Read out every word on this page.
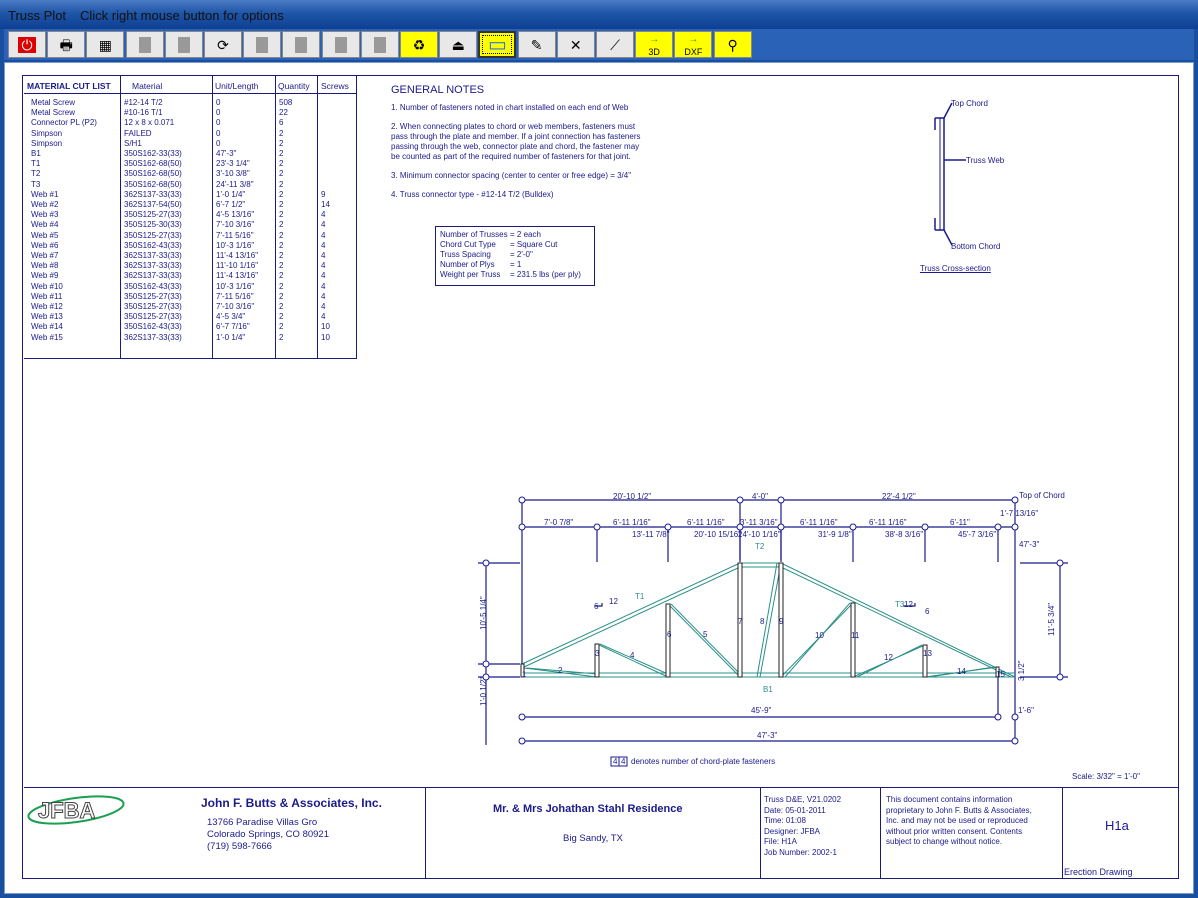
Truss Plot Click right mouse button for options
⏻ 🖶 ▦	⟳	♻ ⏏ ▭ ✎ ✕ ⟋	→
3D
→
DXF ⚲
MATERIAL CUT LIST	Material	Unit/Length Quantity Screws
Metal Screw	#12-14 T/2	0	508
Metal Screw	#10-16 T/1	0	22
Connector PL (P2)	12 x 8 x 0.071	0	6
Simpson	FAILED	0	2
Simpson	S/H1	0	2
B1	350S162-33(33)	47'-3"	2
T1	350S162-68(50)	23'-3 1/4"	2
T2	350S162-68(50)	3'-10 3/8"	2
T3	350S162-68(50)	24'-11 3/8"	2
Web #1	362S137-33(33)	1'-0 1/4"	2	9
Web #2	362S137-54(50)	6'-7 1/2"	2	14
Web #3	350S125-27(33)	4'-5 13/16"	2	4
Web #4	350S125-30(33)	7'-10 3/16"	2	4
Web #5	350S125-27(33)	7'-11 5/16"	2	4
Web #6	350S162-43(33)	10'-3 1/16"	2	4
Web #7	362S137-33(33)	11'-4 13/16"	2	4
Web #8	362S137-33(33)	11'-10 1/16"	2	4
Web #9	362S137-33(33)	11'-4 13/16"	2	4
Web #10	350S162-43(33)	10'-3 1/16"	2	4
Web #11	350S125-27(33)	7'-11 5/16"	2	4
Web #12	350S125-27(33)	7'-10 3/16"	2	4
Web #13	350S125-27(33)	4'-5 3/4"	2	4
Web #14	350S162-43(33)	6'-7 7/16"	2	10
Web #15	362S137-33(33)	1'-0 1/4"	2	10
GENERAL NOTES

1. Number of fasteners noted in chart installed on each end of Web

2. When connecting plates to chord or web members, fasteners must pass through the plate and member. If a joint connection has fasteners passing through the web, connector plate and chord, the fastener may be counted as part of the required number of fasteners for that joint.

3. Minimum connector spacing (center to center or free edge) = 3/4"

4. Truss connector type - #12-14 T/2 (Bulldex)

Number of Trusses = 2 each
Chord Cut Type = Square Cut
Truss Spacing = 2'-0"
Number of Plys = 1
Weight per Truss = 231.5 lbs (per ply)
Top Chord
Truss Web
Bottom Chord
Truss Cross-section
20'-10 1/2"	4'-0"	22'-4 1/2"	Top of Chord
1'-7 13/16"
7'-0 7/8"	6'-11 1/16"	6'-11 1/16" 3'-11 3/16"	6'-11 1/16"	6'-11 1/16"	6'-11"
13'-11 7/8"	20'-10 15/16"
24'-10 1/16"	31'-9 1/8"	38'-8 3/16"	45'-7 3/16"
47'-3"
T2
T1
T3
B1
1	2
3	4
5
6
7 8 9
10	11
12	13
14	15
6
12	12
6
10'-5 1/4"
1'-0 1/2"
11'-5 3/4"
3 1/2"
45'-9"
47'-3"
1'-6"
4 4 denotes number of chord-plate fasteners
Scale: 3/32" = 1'-0"
JFBA	John F. Butts & Associates, Inc.
13766 Paradise Villas Gro
Colorado Springs, CO 80921
(719) 598-7666
Mr. & Mrs Johathan Stahl Residence
Big Sandy, TX
Truss D&E, V21.0202
Date: 05-01-2011
Time: 01:08
Designer: JFBA
File: H1A
Job Number: 2002-1
This document contains information proprietary to John F. Butts & Associates, Inc. and may not be used or reproduced without prior written consent. Contents subject to change without notice.
H1a
Erection Drawing
